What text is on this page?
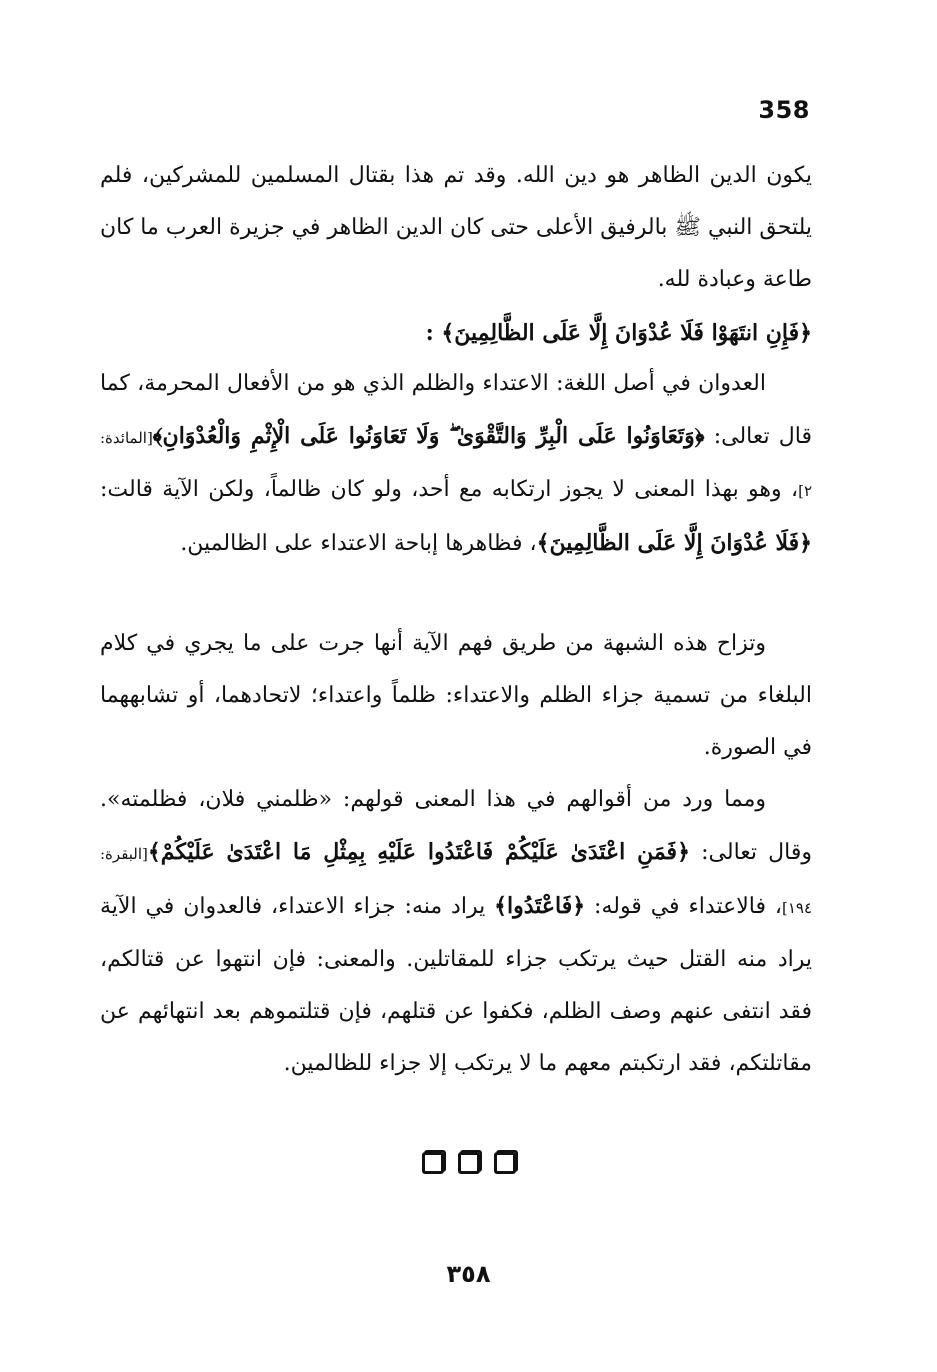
358

يكون الدين الظاهر هو دين الله. وقد تم هذا بقتال المسلمين للمشركين، فلم يلتحق النبي ﷺ بالرفيق الأعلى حتى كان الدين الظاهر في جزيرة العرب ما كان طاعة وعبادة لله.

﴿فَإِنِ انتَهَوْا فَلَا عُدْوَانَ إِلَّا عَلَى الظَّالِمِينَ﴾ :

العدوان في أصل اللغة: الاعتداء والظلم الذي هو من الأفعال المحرمة، كما قال تعالى: ﴿وَتَعَاوَنُوا عَلَى الْبِرِّ وَالتَّقْوَىٰ ۖ وَلَا تَعَاوَنُوا عَلَى الْإِثْمِ وَالْعُدْوَانِ﴾[المائدة: ٢]، وهو بهذا المعنى لا يجوز ارتكابه مع أحد، ولو كان ظالماً، ولكن الآية قالت: ﴿فَلَا عُدْوَانَ إِلَّا عَلَى الظَّالِمِينَ﴾، فظاهرها إباحة الاعتداء على الظالمين.

وتزاح هذه الشبهة من طريق فهم الآية أنها جرت على ما يجري في كلام البلغاء من تسمية جزاء الظلم والاعتداء: ظلماً واعتداء؛ لاتحادهما، أو تشابههما في الصورة.

ومما ورد من أقوالهم في هذا المعنى قولهم: «ظلمني فلان، فظلمته». وقال تعالى: ﴿فَمَنِ اعْتَدَىٰ عَلَيْكُمْ فَاعْتَدُوا عَلَيْهِ بِمِثْلِ مَا اعْتَدَىٰ عَلَيْكُمْ﴾[البقرة: ١٩٤]، فالاعتداء في قوله: ﴿فَاعْتَدُوا﴾ يراد منه: جزاء الاعتداء، فالعدوان في الآية يراد منه القتل حيث يرتكب جزاء للمقاتلين. والمعنى: فإن انتهوا عن قتالكم، فقد انتفى عنهم وصف الظلم، فكفوا عن قتلهم، فإن قتلتموهم بعد انتهائهم عن مقاتلتكم، فقد ارتكبتم معهم ما لا يرتكب إلا جزاء للظالمين.

٣٥٨
